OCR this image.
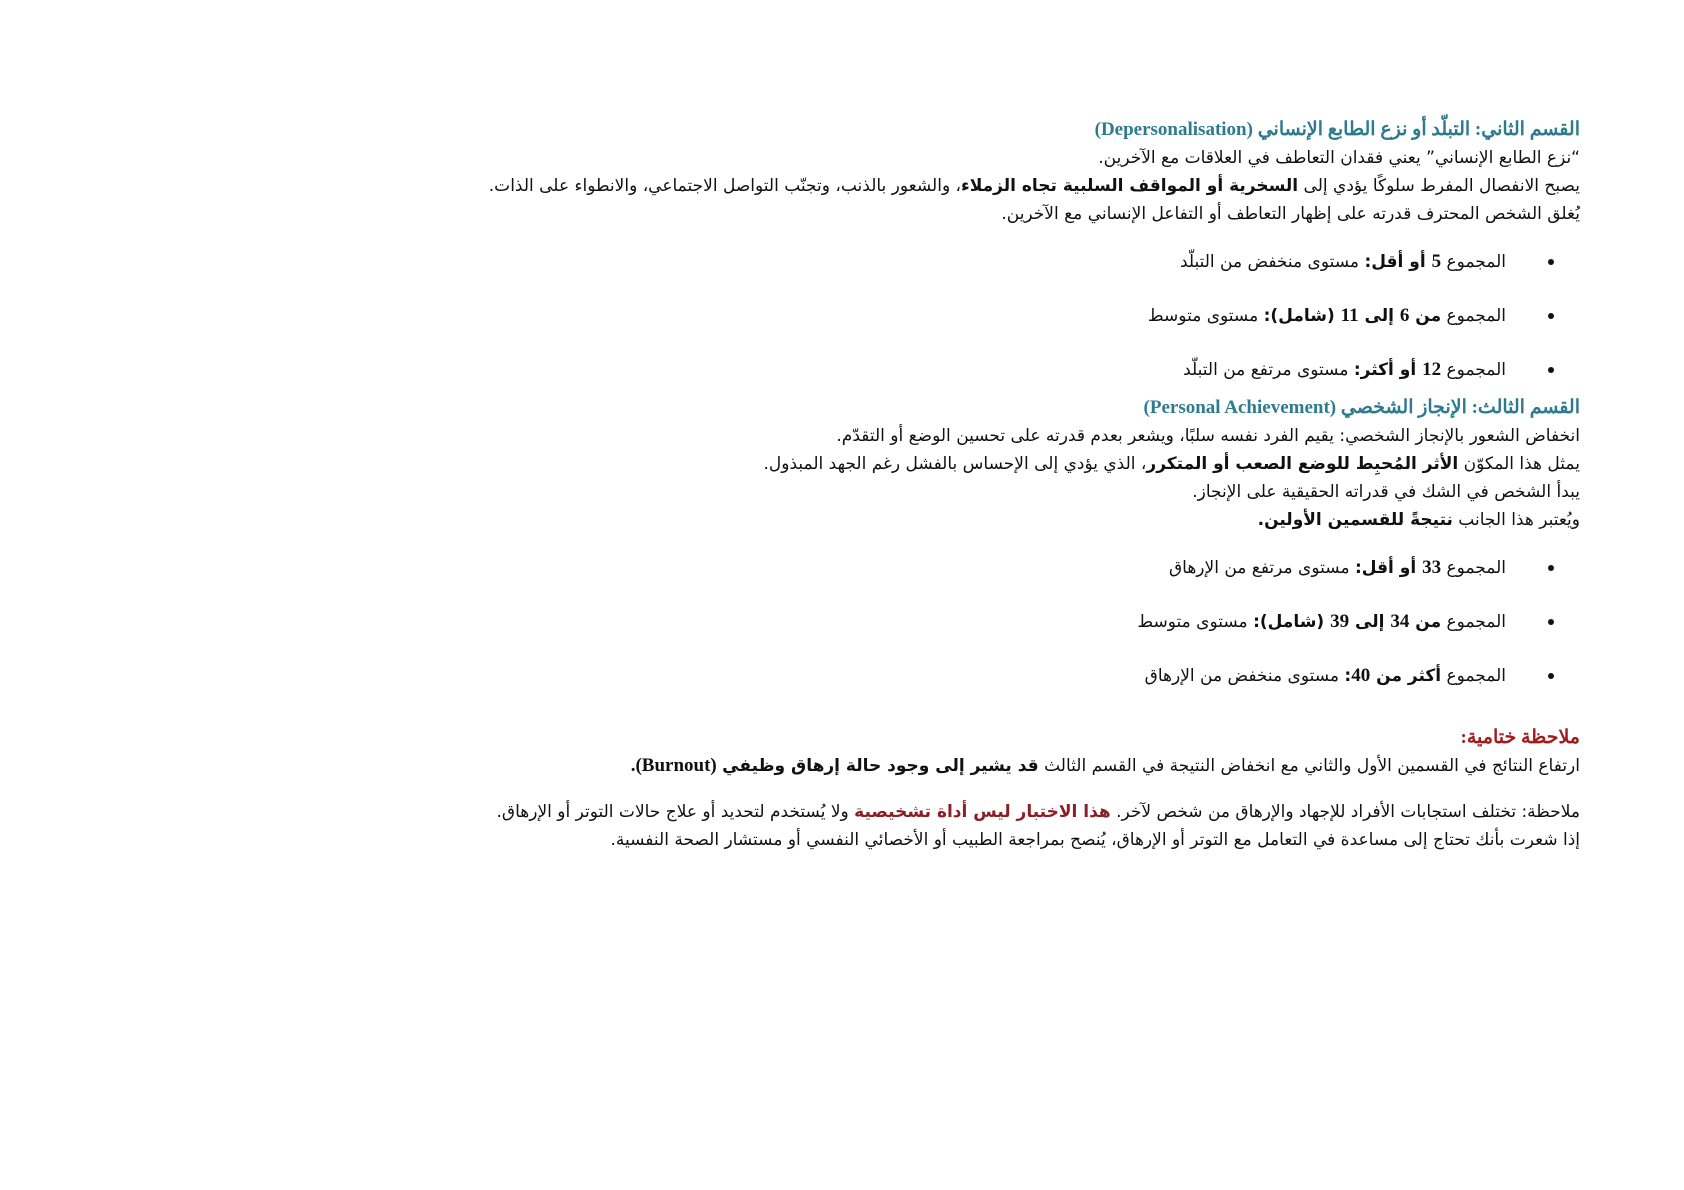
القسم الثاني: التبلّد أو نزع الطابع الإنساني (Depersonalisation)

“نزع الطابع الإنساني” يعني فقدان التعاطف في العلاقات مع الآخرين.

يصبح الانفصال المفرط سلوكًا يؤدي إلى السخرية أو المواقف السلبية تجاه الزملاء، والشعور بالذنب، وتجنّب التواصل الاجتماعي، والانطواء على الذات.

يُغلق الشخص المحترف قدرته على إظهار التعاطف أو التفاعل الإنساني مع الآخرين.

المجموع 5 أو أقل: مستوى منخفض من التبلّد
المجموع من 6 إلى 11 (شامل): مستوى متوسط
المجموع 12 أو أكثر: مستوى مرتفع من التبلّد
القسم الثالث: الإنجاز الشخصي (Personal Achievement)

انخفاض الشعور بالإنجاز الشخصي: يقيم الفرد نفسه سلبًا، ويشعر بعدم قدرته على تحسين الوضع أو التقدّم.

يمثل هذا المكوّن الأثر المُحبِط للوضع الصعب أو المتكرر، الذي يؤدي إلى الإحساس بالفشل رغم الجهد المبذول.

يبدأ الشخص في الشك في قدراته الحقيقية على الإنجاز.

ويُعتبر هذا الجانب نتيجةً للقسمين الأولين.

المجموع 33 أو أقل: مستوى مرتفع من الإرهاق
المجموع من 34 إلى 39 (شامل): مستوى متوسط
المجموع أكثر من 40: مستوى منخفض من الإرهاق
ملاحظة ختامية:

ارتفاع النتائج في القسمين الأول والثاني مع انخفاض النتيجة في القسم الثالث قد يشير إلى وجود حالة إرهاق وظيفي (Burnout).

ملاحظة: تختلف استجابات الأفراد للإجهاد والإرهاق من شخص لآخر. هذا الاختبار ليس أداة تشخيصية ولا يُستخدم لتحديد أو علاج حالات التوتر أو الإرهاق.

إذا شعرت بأنك تحتاج إلى مساعدة في التعامل مع التوتر أو الإرهاق، يُنصح بمراجعة الطبيب أو الأخصائي النفسي أو مستشار الصحة النفسية.
